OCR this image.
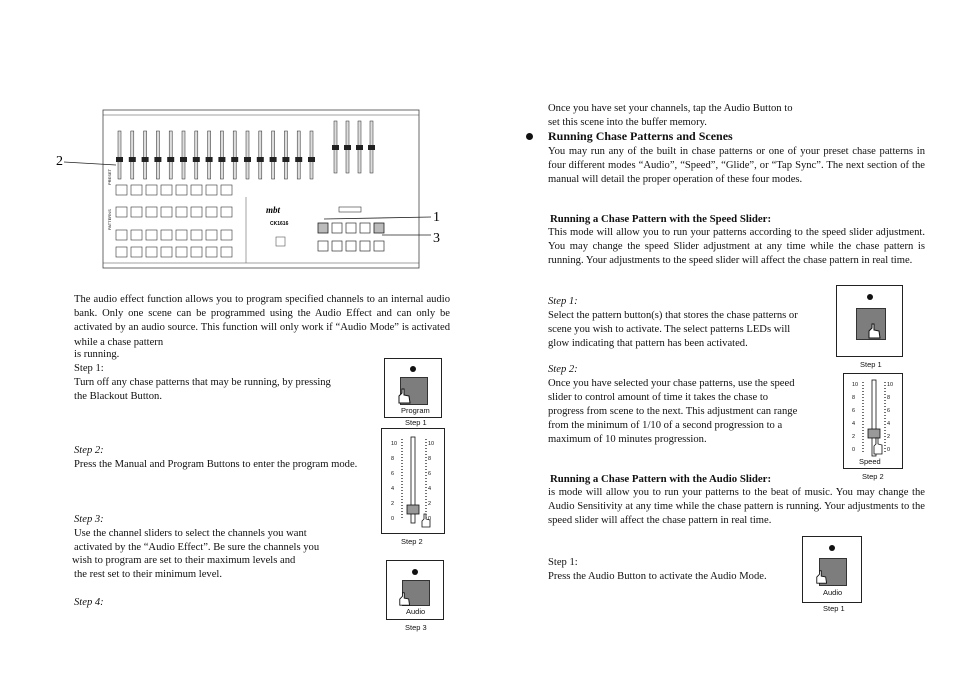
PRESET
PATTERNS	mbt
CK1616
2
1
3
The audio effect function allows you to program specified channels to an internal audio bank. Only one scene can be programmed using the Audio Effect and can only be activated by an audio source. This function will only work if “Audio Mode” is activated while a chase pattern
is running.
Step 1:
Turn off any chase patterns that may be running, by pressing the Blackout Button.
Step 2:
Press the Manual and Program Buttons to enter the program mode.
Step 3:
Use the channel sliders to select the channels you want
activated by the “Audio Effect”. Be sure the channels you
wish to program are set to their maximum levels and
the rest set to their minimum level.
Step 4:
Program
Step 1
10
8
6
4
2
0
10
8
6
4
2
0
Step 2
Audio
Step 3
Once you have set your channels, tap the Audio Button to
set this scene into the buffer memory.
Running Chase Patterns and Scenes
You may run any of the built in chase patterns or one of your preset chase patterns in four different modes “Audio”, “Speed”, “Glide”, or “Tap Sync”. The next section of the manual will detail the proper operation of these four modes.
Running a Chase Pattern with the Speed Slider:
This mode will allow you to run your patterns according to the speed slider adjustment. You may change the speed Slider adjustment at any time while the chase pattern is running. Your adjustments to the speed slider will affect the chase pattern in real time.
Step 1:
Select the pattern button(s) that stores the chase patterns or
scene you wish to activate. The select patterns LEDs will
glow indicating that pattern has been activated.
Step 2:
Once you have selected your chase patterns, use the speed
slider to control amount of time it takes the chase to
progress from scene to the next. This adjustment can range
from the minimum of 1/10 of a second progression to a
maximum of 10 minutes progression.
Running a Chase Pattern with the Audio Slider:
is mode will allow you to run your patterns to the beat of music. You may change the Audio Sensitivity at any time while the chase pattern is running. Your adjustments to the speed slider will affect the chase pattern in real time.
Step 1:
Press the Audio Button to activate the Audio Mode.
Step 1
10
8
6
4
2
0
10
8
6
4
2
0
Speed
Step 2
Audio
Step 1
